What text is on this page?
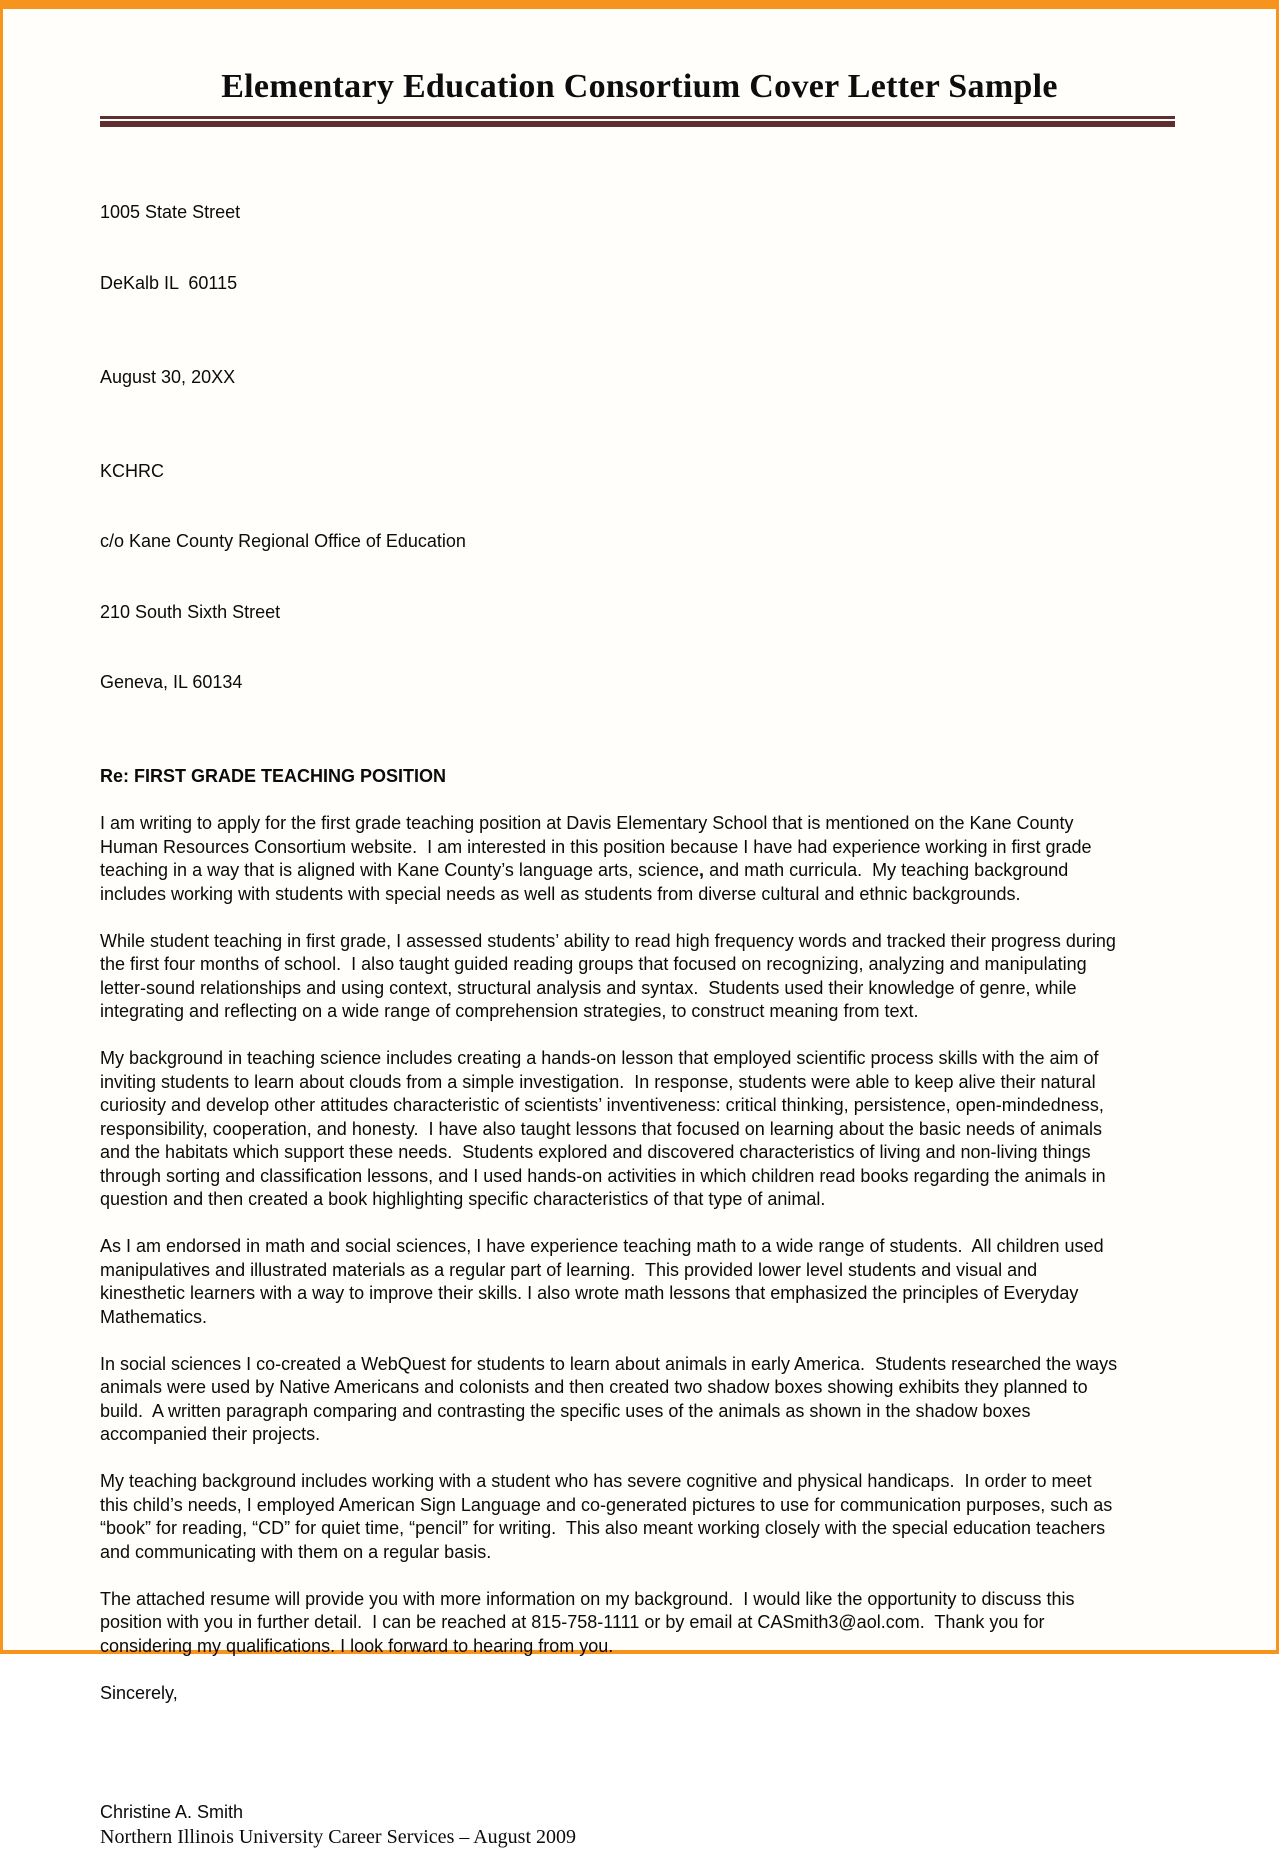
Elementary Education Consortium Cover Letter Sample

1005 State Street

DeKalb IL  60115

August 30, 20XX

KCHRC

c/o Kane County Regional Office of Education

210 South Sixth Street

Geneva, IL 60134

Re: FIRST GRADE TEACHING POSITION

I am writing to apply for the first grade teaching position at Davis Elementary School that is mentioned on the Kane County Human Resources Consortium website.  I am interested in this position because I have had experience working in first grade teaching in a way that is aligned with Kane County’s language arts, science, and math curricula.  My teaching background includes working with students with special needs as well as students from diverse cultural and ethnic backgrounds.

While student teaching in first grade, I assessed students’ ability to read high frequency words and tracked their progress during the first four months of school.  I also taught guided reading groups that focused on recognizing, analyzing and manipulating letter-sound relationships and using context, structural analysis and syntax.  Students used their knowledge of genre, while integrating and reflecting on a wide range of comprehension strategies, to construct meaning from text.

My background in teaching science includes creating a hands-on lesson that employed scientific process skills with the aim of inviting students to learn about clouds from a simple investigation.  In response, students were able to keep alive their natural curiosity and develop other attitudes characteristic of scientists’ inventiveness: critical thinking, persistence, open-mindedness, responsibility, cooperation, and honesty.  I have also taught lessons that focused on learning about the basic needs of animals and the habitats which support these needs.  Students explored and discovered characteristics of living and non-living things through sorting and classification lessons, and I used hands-on activities in which children read books regarding the animals in question and then created a book highlighting specific characteristics of that type of animal.

As I am endorsed in math and social sciences, I have experience teaching math to a wide range of students.  All children used manipulatives and illustrated materials as a regular part of learning.  This provided lower level students and visual and kinesthetic learners with a way to improve their skills. I also wrote math lessons that emphasized the principles of Everyday Mathematics.

In social sciences I co-created a WebQuest for students to learn about animals in early America.  Students researched the ways animals were used by Native Americans and colonists and then created two shadow boxes showing exhibits they planned to build.  A written paragraph comparing and contrasting the specific uses of the animals as shown in the shadow boxes accompanied their projects.

My teaching background includes working with a student who has severe cognitive and physical handicaps.  In order to meet this child’s needs, I employed American Sign Language and co-generated pictures to use for communication purposes, such as “book” for reading, “CD” for quiet time, “pencil” for writing.  This also meant working closely with the special education teachers and communicating with them on a regular basis.

The attached resume will provide you with more information on my background.  I would like the opportunity to discuss this position with you in further detail.  I can be reached at 815-758-1111 or by email at CASmith3@aol.com.  Thank you for considering my qualifications. I look forward to hearing from you.

Sincerely,
Christine A. Smith
Northern Illinois University Career Services – August 2009
